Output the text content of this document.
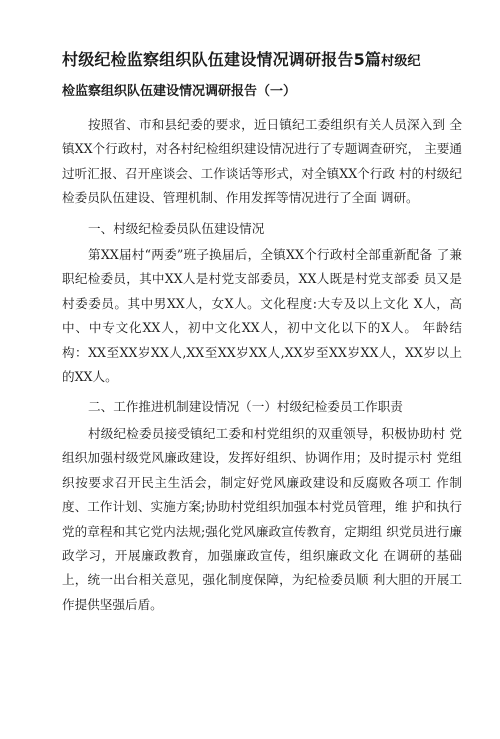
村级纪检监察组织队伍建设情况调研报告5篇村级纪
检监察组织队伍建设情况调研报告（一）

按照省、市和县纪委的要求，近日镇纪工委组织有关人员深入到 全镇XX个行政村，对各村纪检组织建设情况进行了专题调查研究， 主要通过听汇报、召开座谈会、工作谈话等形式，对全镇XX个行政 村的村级纪检委员队伍建设、管理机制、作用发挥等情况进行了全面 调研。

一、村级纪检委员队伍建设情况

第XX届村“两委”班子换届后，全镇XX个行政村全部重新配备 了兼职纪检委员，其中XX人是村党支部委员，XX人既是村党支部委 员又是村委委员。其中男XX人，女X人。文化程度:大专及以上文化 X人，高中、中专文化XX人，初中文化XX人，初中文化以下的X人。 年龄结构：XX至XX岁XX人,XX至XX岁XX人,XX岁至XX岁XX人，XX岁以上的XX人。

二、工作推进机制建设情况（一）村级纪检委员工作职责

村级纪检委员接受镇纪工委和村党组织的双重领导，积极协助村 党组织加强村级党风廉政建设，发挥好组织、协调作用；及时提示村 党组织按要求召开民主生活会，制定好党风廉政建设和反腐败各项工 作制度、工作计划、实施方案;协助村党组织加强本村党员管理，维 护和执行党的章程和其它党内法规;强化党风廉政宣传教育，定期组 织党员进行廉政学习，开展廉政教育，加强廉政宣传，组织廉政文化 在调研的基础上，统一出台相关意见，强化制度保障，为纪检委员顺 利大胆的开展工作提供坚强后盾。
